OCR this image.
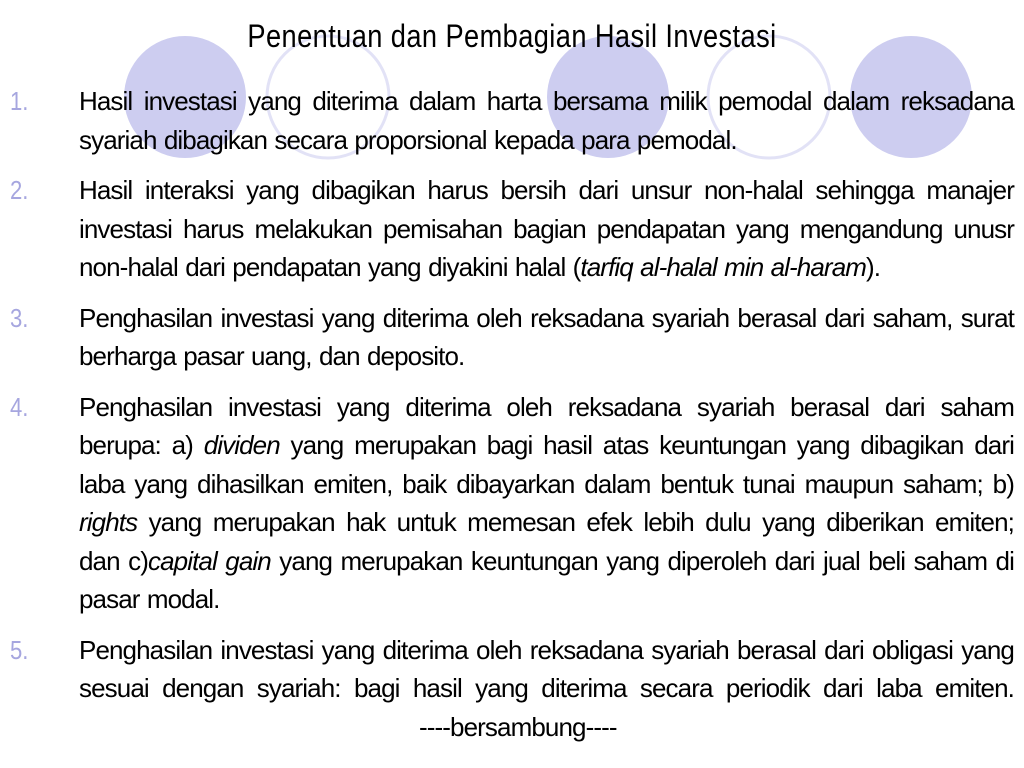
Penentuan dan Pembagian Hasil Investasi
1. Hasil investasi yang diterima dalam harta bersama milik pemodal dalam reksadana syariah dibagikan secara proporsional kepada para pemodal.
2. Hasil interaksi yang dibagikan harus bersih dari unsur non-halal sehingga manajer investasi harus melakukan pemisahan bagian pendapatan yang mengandung unusr non-halal dari pendapatan yang diyakini halal (tarfiq al-halal min al-haram).
3. Penghasilan investasi yang diterima oleh reksadana syariah berasal dari saham, surat berharga pasar uang, dan deposito.
4. Penghasilan investasi yang diterima oleh reksadana syariah berasal dari saham berupa: a) dividen yang merupakan bagi hasil atas keuntungan yang dibagikan dari laba yang dihasilkan emiten, baik dibayarkan dalam bentuk tunai maupun saham; b) rights yang merupakan hak untuk memesan efek lebih dulu yang diberikan emiten; dan c)capital gain yang merupakan keuntungan yang diperoleh dari jual beli saham di pasar modal.
5. Penghasilan investasi yang diterima oleh reksadana syariah berasal dari obligasi yang sesuai dengan syariah: bagi hasil yang diterima secara periodik dari laba emiten.----bersambung----
